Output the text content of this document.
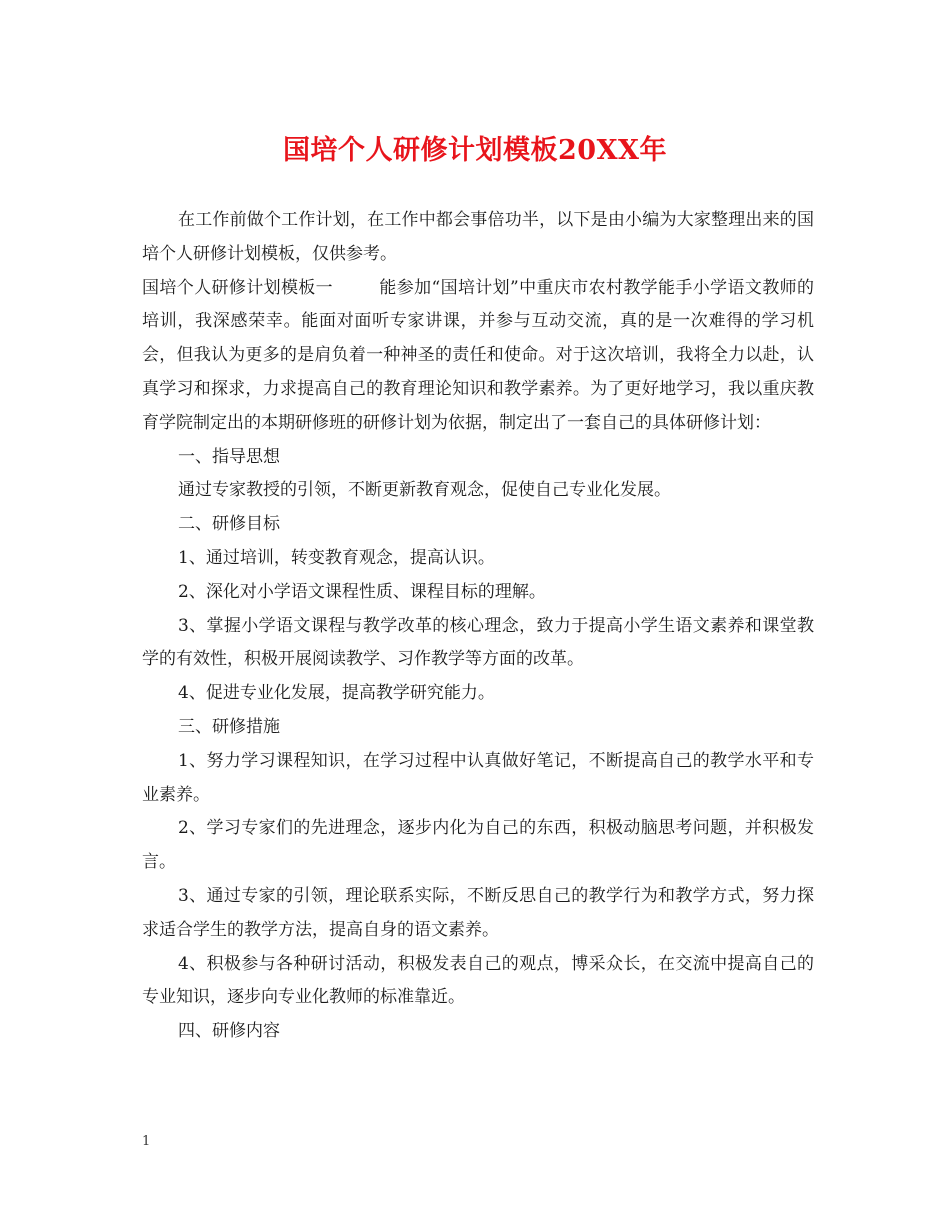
国培个人研修计划模板20XX年

在工作前做个工作计划，在工作中都会事倍功半，以下是由小编为大家整理出来的国培个人研修计划模板，仅供参考。

国培个人研修计划模板一	能参加“国培计划”中重庆市农村教学能手小学语文教师的培训，我深感荣幸。能面对面听专家讲课，并参与互动交流，真的是一次难得的学习机会，但我认为更多的是肩负着一种神圣的责任和使命。对于这次培训，我将全力以赴，认真学习和探求，力求提高自己的教育理论知识和教学素养。为了更好地学习，我以重庆教育学院制定出的本期研修班的研修计划为依据，制定出了一套自己的具体研修计划：

一、指导思想

通过专家教授的引领，不断更新教育观念，促使自己专业化发展。

二、研修目标

1、通过培训，转变教育观念，提高认识。

2、深化对小学语文课程性质、课程目标的理解。

3、掌握小学语文课程与教学改革的核心理念，致力于提高小学生语文素养和课堂教学的有效性，积极开展阅读教学、习作教学等方面的改革。

4、促进专业化发展，提高教学研究能力。

三、研修措施

1、努力学习课程知识，在学习过程中认真做好笔记，不断提高自己的教学水平和专业素养。

2、学习专家们的先进理念，逐步内化为自己的东西，积极动脑思考问题，并积极发言。

3、通过专家的引领，理论联系实际，不断反思自己的教学行为和教学方式，努力探求适合学生的教学方法，提高自身的语文素养。

4、积极参与各种研讨活动，积极发表自己的观点，博采众长，在交流中提高自己的专业知识，逐步向专业化教师的标准靠近。

四、研修内容

1
